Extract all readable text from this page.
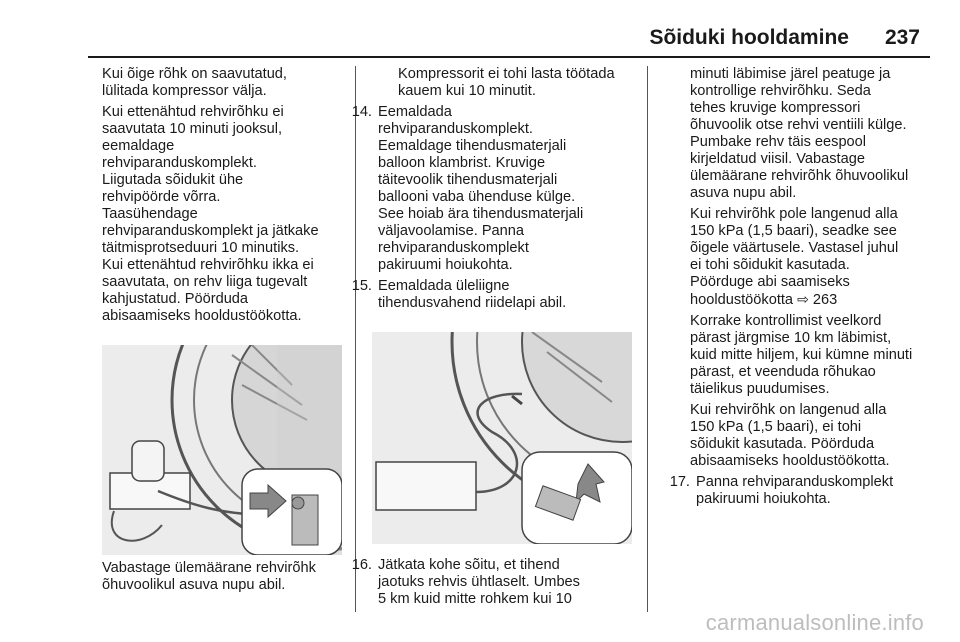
Sõiduki hooldamine 237

Kui õige rõhk on saavutatud,
lülitada kompressor välja.

Kui ettenähtud rehvirõhku ei
saavutata 10 minuti jooksul,
eemaldage
rehviparanduskomplekt.
Liigutada sõidukit ühe
rehvipöörde võrra.
Taasühendage
rehviparanduskomplekt ja jätkake
täitmisprotseduuri 10 minutiks.
Kui ettenähtud rehvirõhku ikka ei
saavutata, on rehv liiga tugevalt
kahjustatud. Pöörduda
abisaamiseks hooldustöökotta.

Vabastage ülemäärane rehvirõhk
õhuvoolikul asuva nupu abil.

Kompressorit ei tohi lasta töötada
kauem kui 10 minutit.

14. Eemaldada
rehviparanduskomplekt.
Eemaldage tihendusmaterjali
balloon klambrist. Kruvige
täitevoolik tihendusmaterjali
ballooni vaba ühenduse külge.
See hoiab ära tihendusmaterjali
väljavoolamise. Panna
rehviparanduskomplekt
pakiruumi hoiukohta.
15. Eemaldada üleliigne
tihendusvahend riidelapi abil.
16. Jätkata kohe sõitu, et tihend
jaotuks rehvis ühtlaselt. Umbes
5 km kuid mitte rohkem kui 10

minuti läbimise järel peatuge ja
kontrollige rehvirõhku. Seda
tehes kruvige kompressori
õhuvoolik otse rehvi ventiili külge.
Pumbake rehv täis eespool
kirjeldatud viisil. Vabastage
ülemäärane rehvirõhk õhuvoolikul
asuva nupu abil.

Kui rehvirõhk pole langenud alla
150 kPa (1,5 baari), seadke see
õigele väärtusele. Vastasel juhul
ei tohi sõidukit kasutada.
Pöörduge abi saamiseks
hooldustöökotta ⇨ 263

Korrake kontrollimist veelkord
pärast järgmise 10 km läbimist,
kuid mitte hiljem, kui kümne minuti
pärast, et veenduda rõhukao
täielikus puudumises.

Kui rehvirõhk on langenud alla
150 kPa (1,5 baari), ei tohi
sõidukit kasutada. Pöörduda
abisaamiseks hooldustöökotta.

17. Panna rehviparanduskomplekt
pakiruumi hoiukohta.
carmanualsonline.info
